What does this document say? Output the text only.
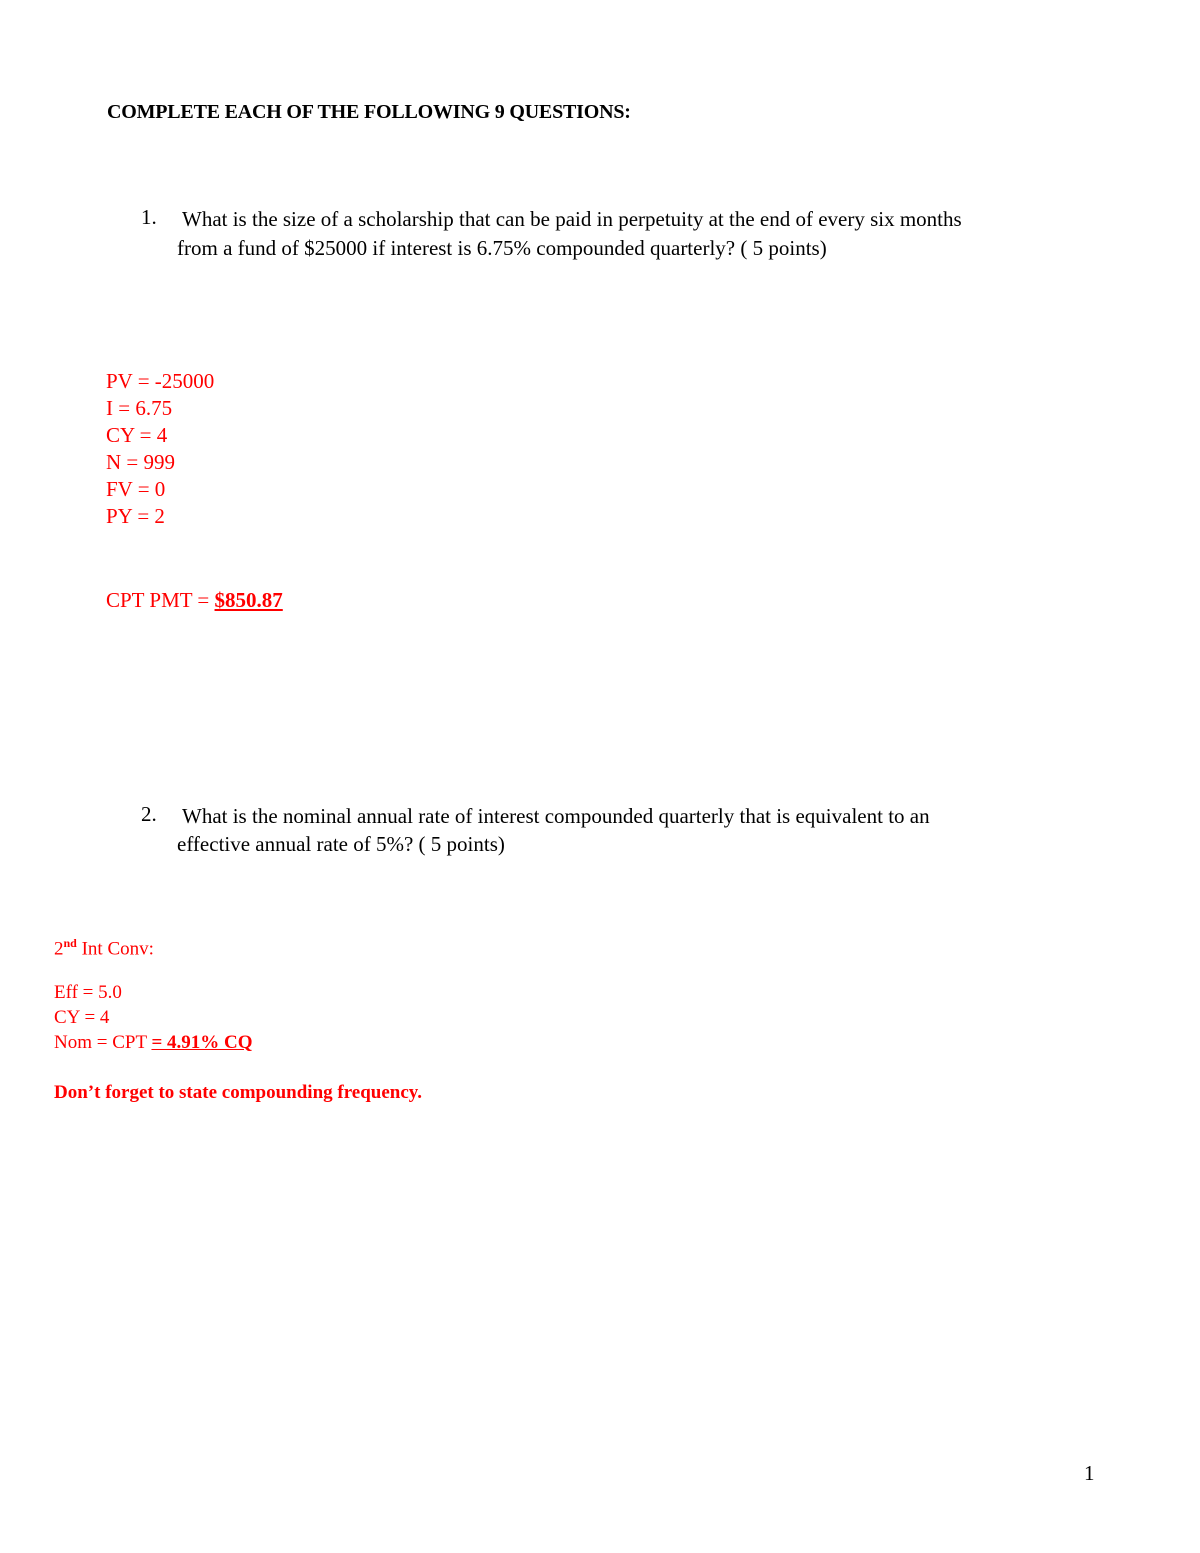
COMPLETE EACH OF THE FOLLOWING 9 QUESTIONS:
1. What is the size of a scholarship that can be paid in perpetuity at the end of every six months
from a fund of $25000 if interest is 6.75% compounded quarterly? ( 5 points)
PV = -25000
I = 6.75
CY = 4
N = 999
FV = 0
PY = 2
CPT PMT = $850.87
2. What is the nominal annual rate of interest compounded quarterly that is equivalent to an
effective annual rate of 5%? ( 5 points)
2nd Int Conv:
Eff = 5.0
CY = 4
Nom = CPT = 4.91% CQ
Don’t forget to state compounding frequency.
1
